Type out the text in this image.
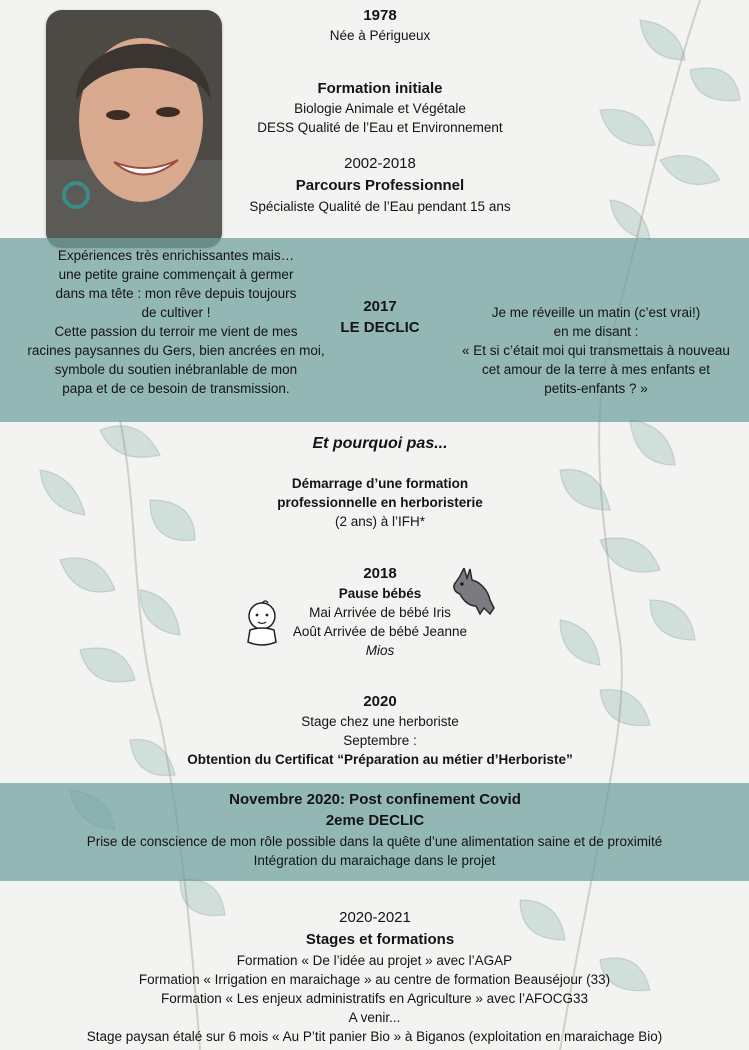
1978
Née à Périgueux
Formation initiale
Biologie Animale et Végétale
DESS Qualité de l’Eau et Environnement
2002-2018
Parcours Professionnel
Spécialiste Qualité de l’Eau pendant 15 ans
Expériences très enrichissantes mais…
une petite graine commençait à germer
dans ma tête : mon rêve depuis toujours
de cultiver !
Cette passion du terroir me vient de mes
racines paysannes du Gers, bien ancrées en moi,
symbole du soutien inébranlable de mon
papa et de ce besoin de transmission.
2017
LE DECLIC
Je me réveille un matin (c’est vrai!)
en me disant :
« Et si c’était moi qui transmettais à nouveau
cet amour de la terre à mes enfants et
petits-enfants ? »
Et pourquoi pas...
Démarrage d’une formation
professionnelle en herboristerie
(2 ans) à l’IFH*
2018
Pause bébés
Mai Arrivée de bébé Iris
Août Arrivée de bébé Jeanne
Mios
2020
Stage chez une herboriste
Septembre :
Obtention du Certificat “Préparation au métier d’Herboriste”
Novembre 2020: Post confinement Covid
2eme DECLIC
Prise de conscience de mon rôle possible dans la quête d’une alimentation saine et de proximité
Intégration du maraichage dans le projet
2020-2021
Stages et formations
Formation « De l’idée au projet » avec l’AGAP
Formation « Irrigation en maraichage » au centre de formation Beauséjour (33)
Formation « Les enjeux administratifs en Agriculture » avec l’AFOCG33
A venir...
Stage paysan étalé sur 6 mois « Au P’tit panier Bio » à Biganos (exploitation en maraichage Bio)
